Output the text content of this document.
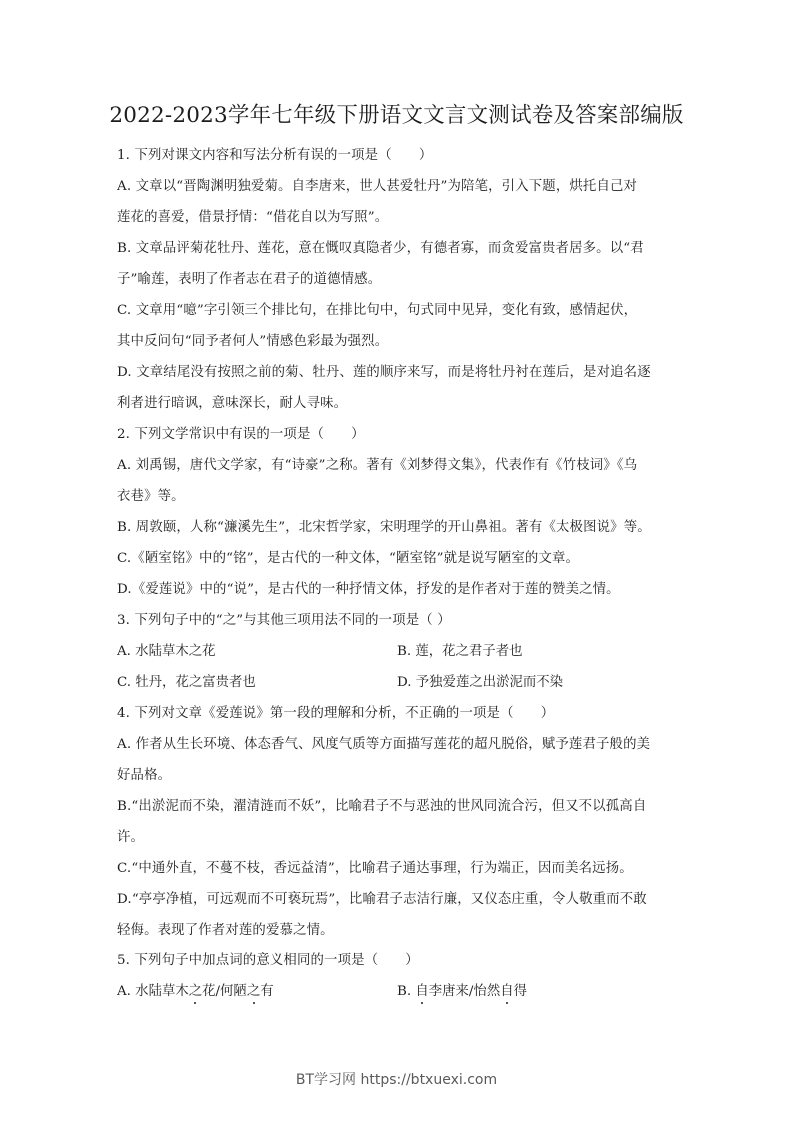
2022-2023学年七年级下册语文文言文测试卷及答案部编版
1. 下列对课文内容和写法分析有误的一项是（　　）
A. 文章以“晋陶渊明独爱菊。自李唐来，世人甚爱牡丹”为陪笔，引入下题，烘托自己对
莲花的喜爱，借景抒情：“借花自以为写照”。
B. 文章品评菊花牡丹、莲花，意在慨叹真隐者少，有德者寡，而贪爱富贵者居多。以“君
子”喻莲，表明了作者志在君子的道德情感。
C. 文章用“噫”字引领三个排比句，在排比句中，句式同中见异，变化有致，感情起伏，
其中反问句“同予者何人”情感色彩最为强烈。
D. 文章结尾没有按照之前的菊、牡丹、莲的顺序来写，而是将牡丹衬在莲后，是对追名逐
利者进行暗讽，意味深长，耐人寻味。
2. 下列文学常识中有误的一项是（　　）
A. 刘禹锡，唐代文学家，有“诗豪”之称。著有《刘梦得文集》，代表作有《竹枝词》《乌
衣巷》等。
B. 周敦颐，人称“濂溪先生”，北宋哲学家，宋明理学的开山鼻祖。著有《太极图说》等。
C.《陋室铭》中的“铭”，是古代的一种文体，“陋室铭”就是说写陋室的文章。
D.《爱莲说》中的“说”，是古代的一种抒情文体，抒发的是作者对于莲的赞美之情。
3. 下列句子中的“之”与其他三项用法不同的一项是（ ）
A. 水陆草木之花	B. 莲，花之君子者也
C. 牡丹，花之富贵者也	D. 予独爱莲之出淤泥而不染
4. 下列对文章《爱莲说》第一段的理解和分析，不正确的一项是（　　）
A. 作者从生长环境、体态香气、风度气质等方面描写莲花的超凡脱俗，赋予莲君子般的美
好品格。
B.“出淤泥而不染，濯清涟而不妖”，比喻君子不与恶浊的世风同流合污，但又不以孤高自
许。
C.“中通外直，不蔓不枝，香远益清”，比喻君子通达事理，行为端正，因而美名远扬。
D.“亭亭净植，可远观而不可亵玩焉”，比喻君子志洁行廉，又仪态庄重，令人敬重而不敢
轻侮。表现了作者对莲的爱慕之情。
5. 下列句子中加点词的意义相同的一项是（　　）
A. 水陆草木之花/何陋之有	B. 自李唐来/怡然自得
BT学习网 https://btxuexi.com
